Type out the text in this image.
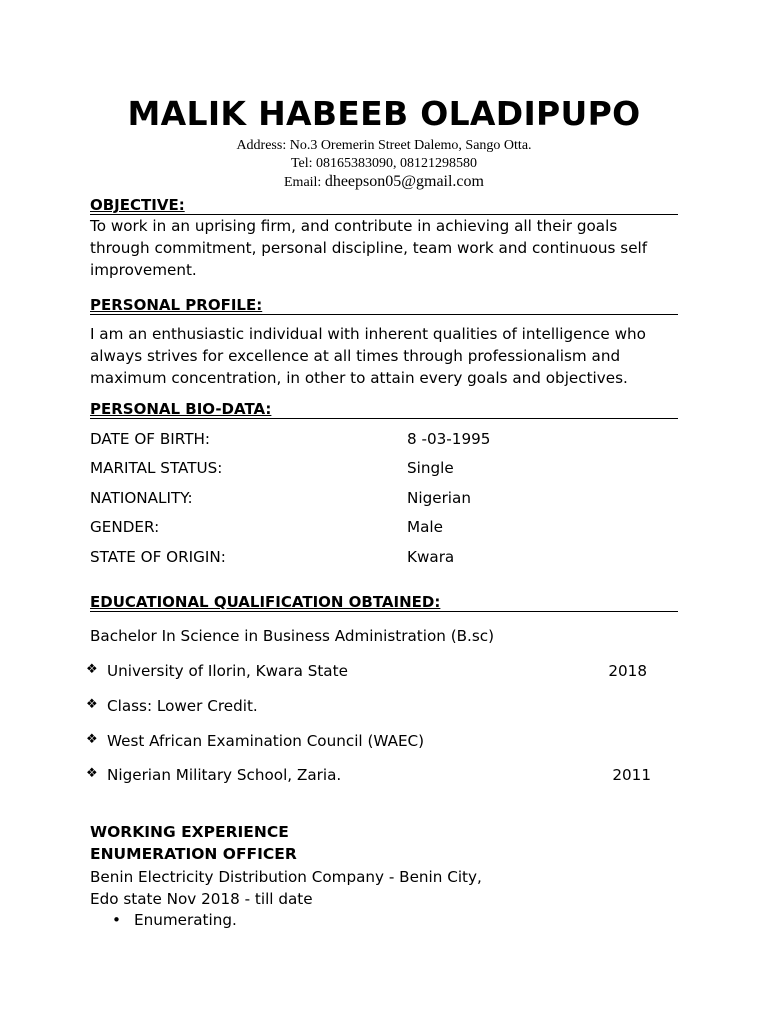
MALIK HABEEB OLADIPUPO
Address: No.3 Oremerin Street Dalemo, Sango Otta.
Tel: 08165383090, 08121298580
Email: dheepson05@gmail.com
OBJECTIVE:
To work in an uprising firm, and contribute in achieving all their goals
through commitment, personal discipline, team work and continuous self
improvement.
PERSONAL PROFILE:
I am an enthusiastic individual with inherent qualities of intelligence who
always strives for excellence at all times through professionalism and
maximum concentration, in other to attain every goals and objectives.
PERSONAL BIO-DATA:
DATE OF BIRTH:	8 -03-1995
MARITAL STATUS:	Single
NATIONALITY:	Nigerian
GENDER:	Male
STATE OF ORIGIN:	Kwara
EDUCATIONAL QUALIFICATION OBTAINED:
Bachelor In Science in Business Administration (B.sc)
❖ University of Ilorin, Kwara State	2018
❖ Class: Lower Credit.
❖ West African Examination Council (WAEC)
❖ Nigerian Military School, Zaria.	2011
WORKING EXPERIENCE
ENUMERATION OFFICER
Benin Electricity Distribution Company - Benin City,
Edo state Nov 2018 - till date
• Enumerating.
